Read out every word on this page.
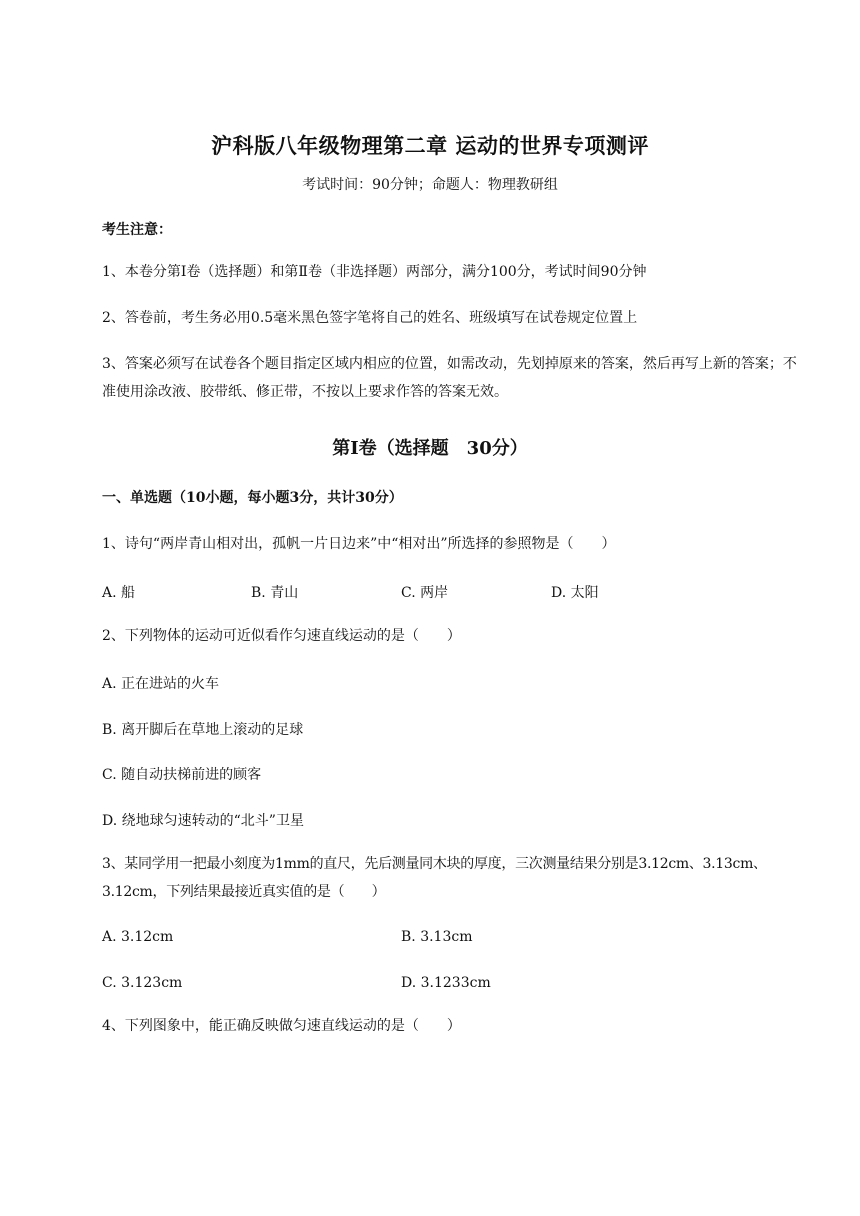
沪科版八年级物理第二章 运动的世界专项测评
考试时间：90分钟；命题人：物理教研组
考生注意：
1、本卷分第Ⅰ卷（选择题）和第Ⅱ卷（非选择题）两部分，满分100分，考试时间90分钟
2、答卷前，考生务必用0.5毫米黑色签字笔将自己的姓名、班级填写在试卷规定位置上
3、答案必须写在试卷各个题目指定区域内相应的位置，如需改动，先划掉原来的答案，然后再写上新的答案；不准使用涂改液、胶带纸、修正带，不按以上要求作答的答案无效。
第Ⅰ卷（选择题　30分）
一、单选题（10小题，每小题3分，共计30分）
1、诗句“两岸青山相对出，孤帆一片日边来”中“相对出”所选择的参照物是（　　）
A. 船	B. 青山	C. 两岸	D. 太阳
2、下列物体的运动可近似看作匀速直线运动的是（　　）
A. 正在进站的火车
B. 离开脚后在草地上滚动的足球
C. 随自动扶梯前进的顾客
D. 绕地球匀速转动的“北斗”卫星
3、某同学用一把最小刻度为1mm的直尺，先后测量同木块的厚度，三次测量结果分别是3.12cm、3.13cm、3.12cm，下列结果最接近真实值的是（　　）
A. 3.12cm	B. 3.13cm
C. 3.123cm	D. 3.1233cm
4、下列图象中，能正确反映做匀速直线运动的是（　　）
